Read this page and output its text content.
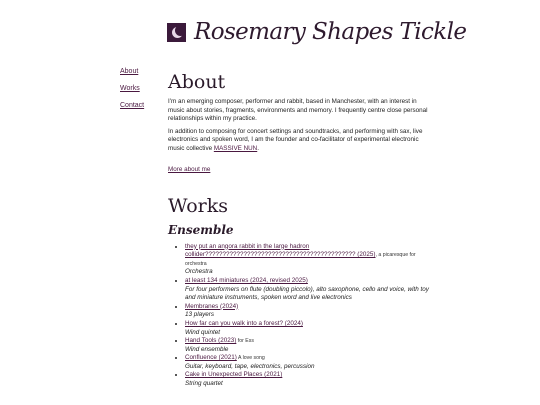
Rosemary Shapes Tickle
About
Works
Contact
About

I'm an emerging composer, performer and rabbit, based in Manchester, with an interest in music about stories, fragments, environments and memory. I frequently centre close personal relationships within my practice.

In addition to composing for concert settings and soundtracks, and performing with sax, live electronics and spoken word, I am the founder and co-facilitator of experimental electronic music collective MASSIVE NUN.

More about me
Works
Ensemble
• they put an angora rabbit in the large hadron collider??????????????????????????????????????????? (2025), a picaresque for orchestra
Orchestra
• at least 134 miniatures (2024, revised 2025)
For four performers on flute (doubling piccolo), alto saxophone, cello and voice, with toy and miniature instruments, spoken word and live electronics
• Membranes (2024)
13 players
• How far can you walk into a forest? (2024)
Wind quintet
• Hand Tools (2023) for Ess
Wind ensemble
• Confluence (2021) A love song
Guitar, keyboard, tape, electronics, percussion
• Cake in Unexpected Places (2021)
String quartet
